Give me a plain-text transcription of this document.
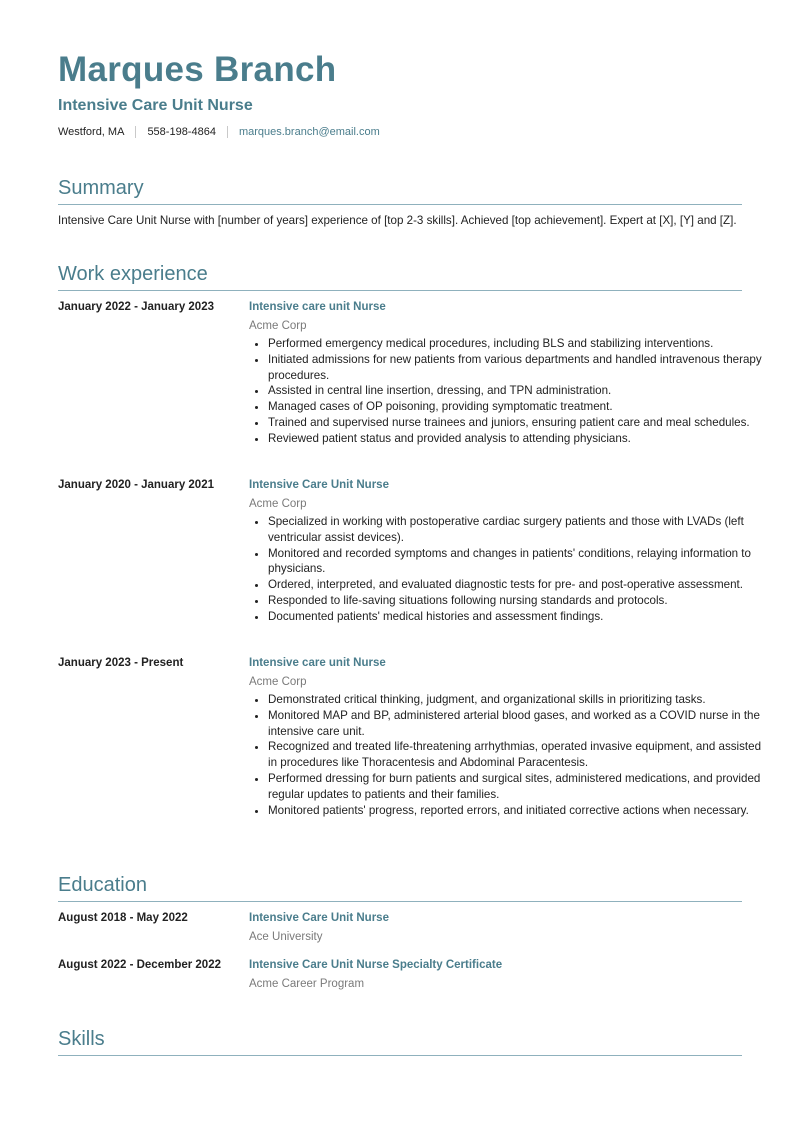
Marques Branch
Intensive Care Unit Nurse
Westford, MA 558-198-4864 marques.branch@email.com
Summary
Intensive Care Unit Nurse with [number of years] experience of [top 2-3 skills]. Achieved [top achievement]. Expert at [X], [Y] and [Z].
Work experience
January 2022 - January 2023	Intensive care unit Nurse
Acme Corp
• Performed emergency medical procedures, including BLS and stabilizing interventions.
• Initiated admissions for new patients from various departments and handled intravenous therapy procedures.
• Assisted in central line insertion, dressing, and TPN administration.
• Managed cases of OP poisoning, providing symptomatic treatment.
• Trained and supervised nurse trainees and juniors, ensuring patient care and meal schedules.
• Reviewed patient status and provided analysis to attending physicians.
January 2020 - January 2021	Intensive Care Unit Nurse
Acme Corp
• Specialized in working with postoperative cardiac surgery patients and those with LVADs (left ventricular assist devices).
• Monitored and recorded symptoms and changes in patients' conditions, relaying information to physicians.
• Ordered, interpreted, and evaluated diagnostic tests for pre- and post-operative assessment.
• Responded to life-saving situations following nursing standards and protocols.
• Documented patients' medical histories and assessment findings.
January 2023 - Present	Intensive care unit Nurse
Acme Corp
• Demonstrated critical thinking, judgment, and organizational skills in prioritizing tasks.
• Monitored MAP and BP, administered arterial blood gases, and worked as a COVID nurse in the intensive care unit.
• Recognized and treated life-threatening arrhythmias, operated invasive equipment, and assisted in procedures like Thoracentesis and Abdominal Paracentesis.
• Performed dressing for burn patients and surgical sites, administered medications, and provided regular updates to patients and their families.
• Monitored patients' progress, reported errors, and initiated corrective actions when necessary.
Education
August 2018 - May 2022	Intensive Care Unit Nurse
Ace University
August 2022 - December 2022 Intensive Care Unit Nurse Specialty Certificate
Acme Career Program
Skills
